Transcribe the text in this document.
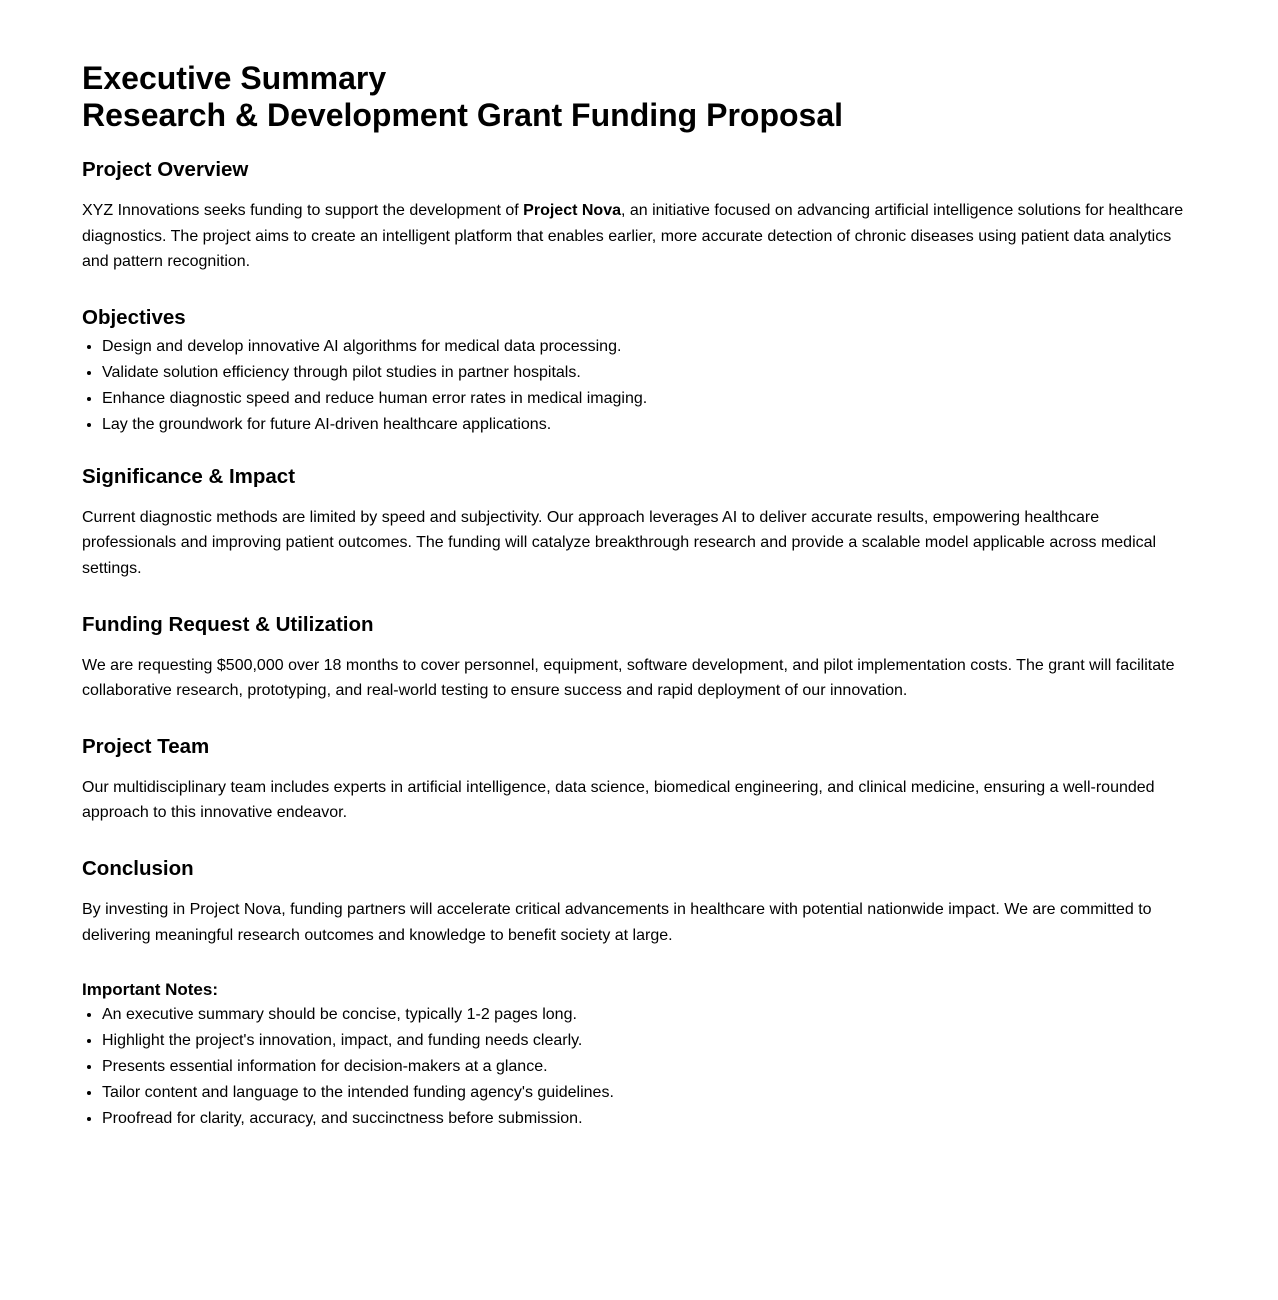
Executive Summary
Research & Development Grant Funding Proposal
Project Overview

XYZ Innovations seeks funding to support the development of Project Nova, an initiative focused on advancing artificial intelligence solutions for healthcare diagnostics. The project aims to create an intelligent platform that enables earlier, more accurate detection of chronic diseases using patient data analytics and pattern recognition.

Objectives
• Design and develop innovative AI algorithms for medical data processing.
• Validate solution efficiency through pilot studies in partner hospitals.
• Enhance diagnostic speed and reduce human error rates in medical imaging.
• Lay the groundwork for future AI-driven healthcare applications.
Significance & Impact

Current diagnostic methods are limited by speed and subjectivity. Our approach leverages AI to deliver accurate results, empowering healthcare professionals and improving patient outcomes. The funding will catalyze breakthrough research and provide a scalable model applicable across medical settings.

Funding Request & Utilization

We are requesting $500,000 over 18 months to cover personnel, equipment, software development, and pilot implementation costs. The grant will facilitate collaborative research, prototyping, and real-world testing to ensure success and rapid deployment of our innovation.

Project Team

Our multidisciplinary team includes experts in artificial intelligence, data science, biomedical engineering, and clinical medicine, ensuring a well-rounded approach to this innovative endeavor.

Conclusion

By investing in Project Nova, funding partners will accelerate critical advancements in healthcare with potential nationwide impact. We are committed to delivering meaningful research outcomes and knowledge to benefit society at large.

Important Notes:
• An executive summary should be concise, typically 1-2 pages long.
• Highlight the project's innovation, impact, and funding needs clearly.
• Presents essential information for decision-makers at a glance.
• Tailor content and language to the intended funding agency's guidelines.
• Proofread for clarity, accuracy, and succinctness before submission.
